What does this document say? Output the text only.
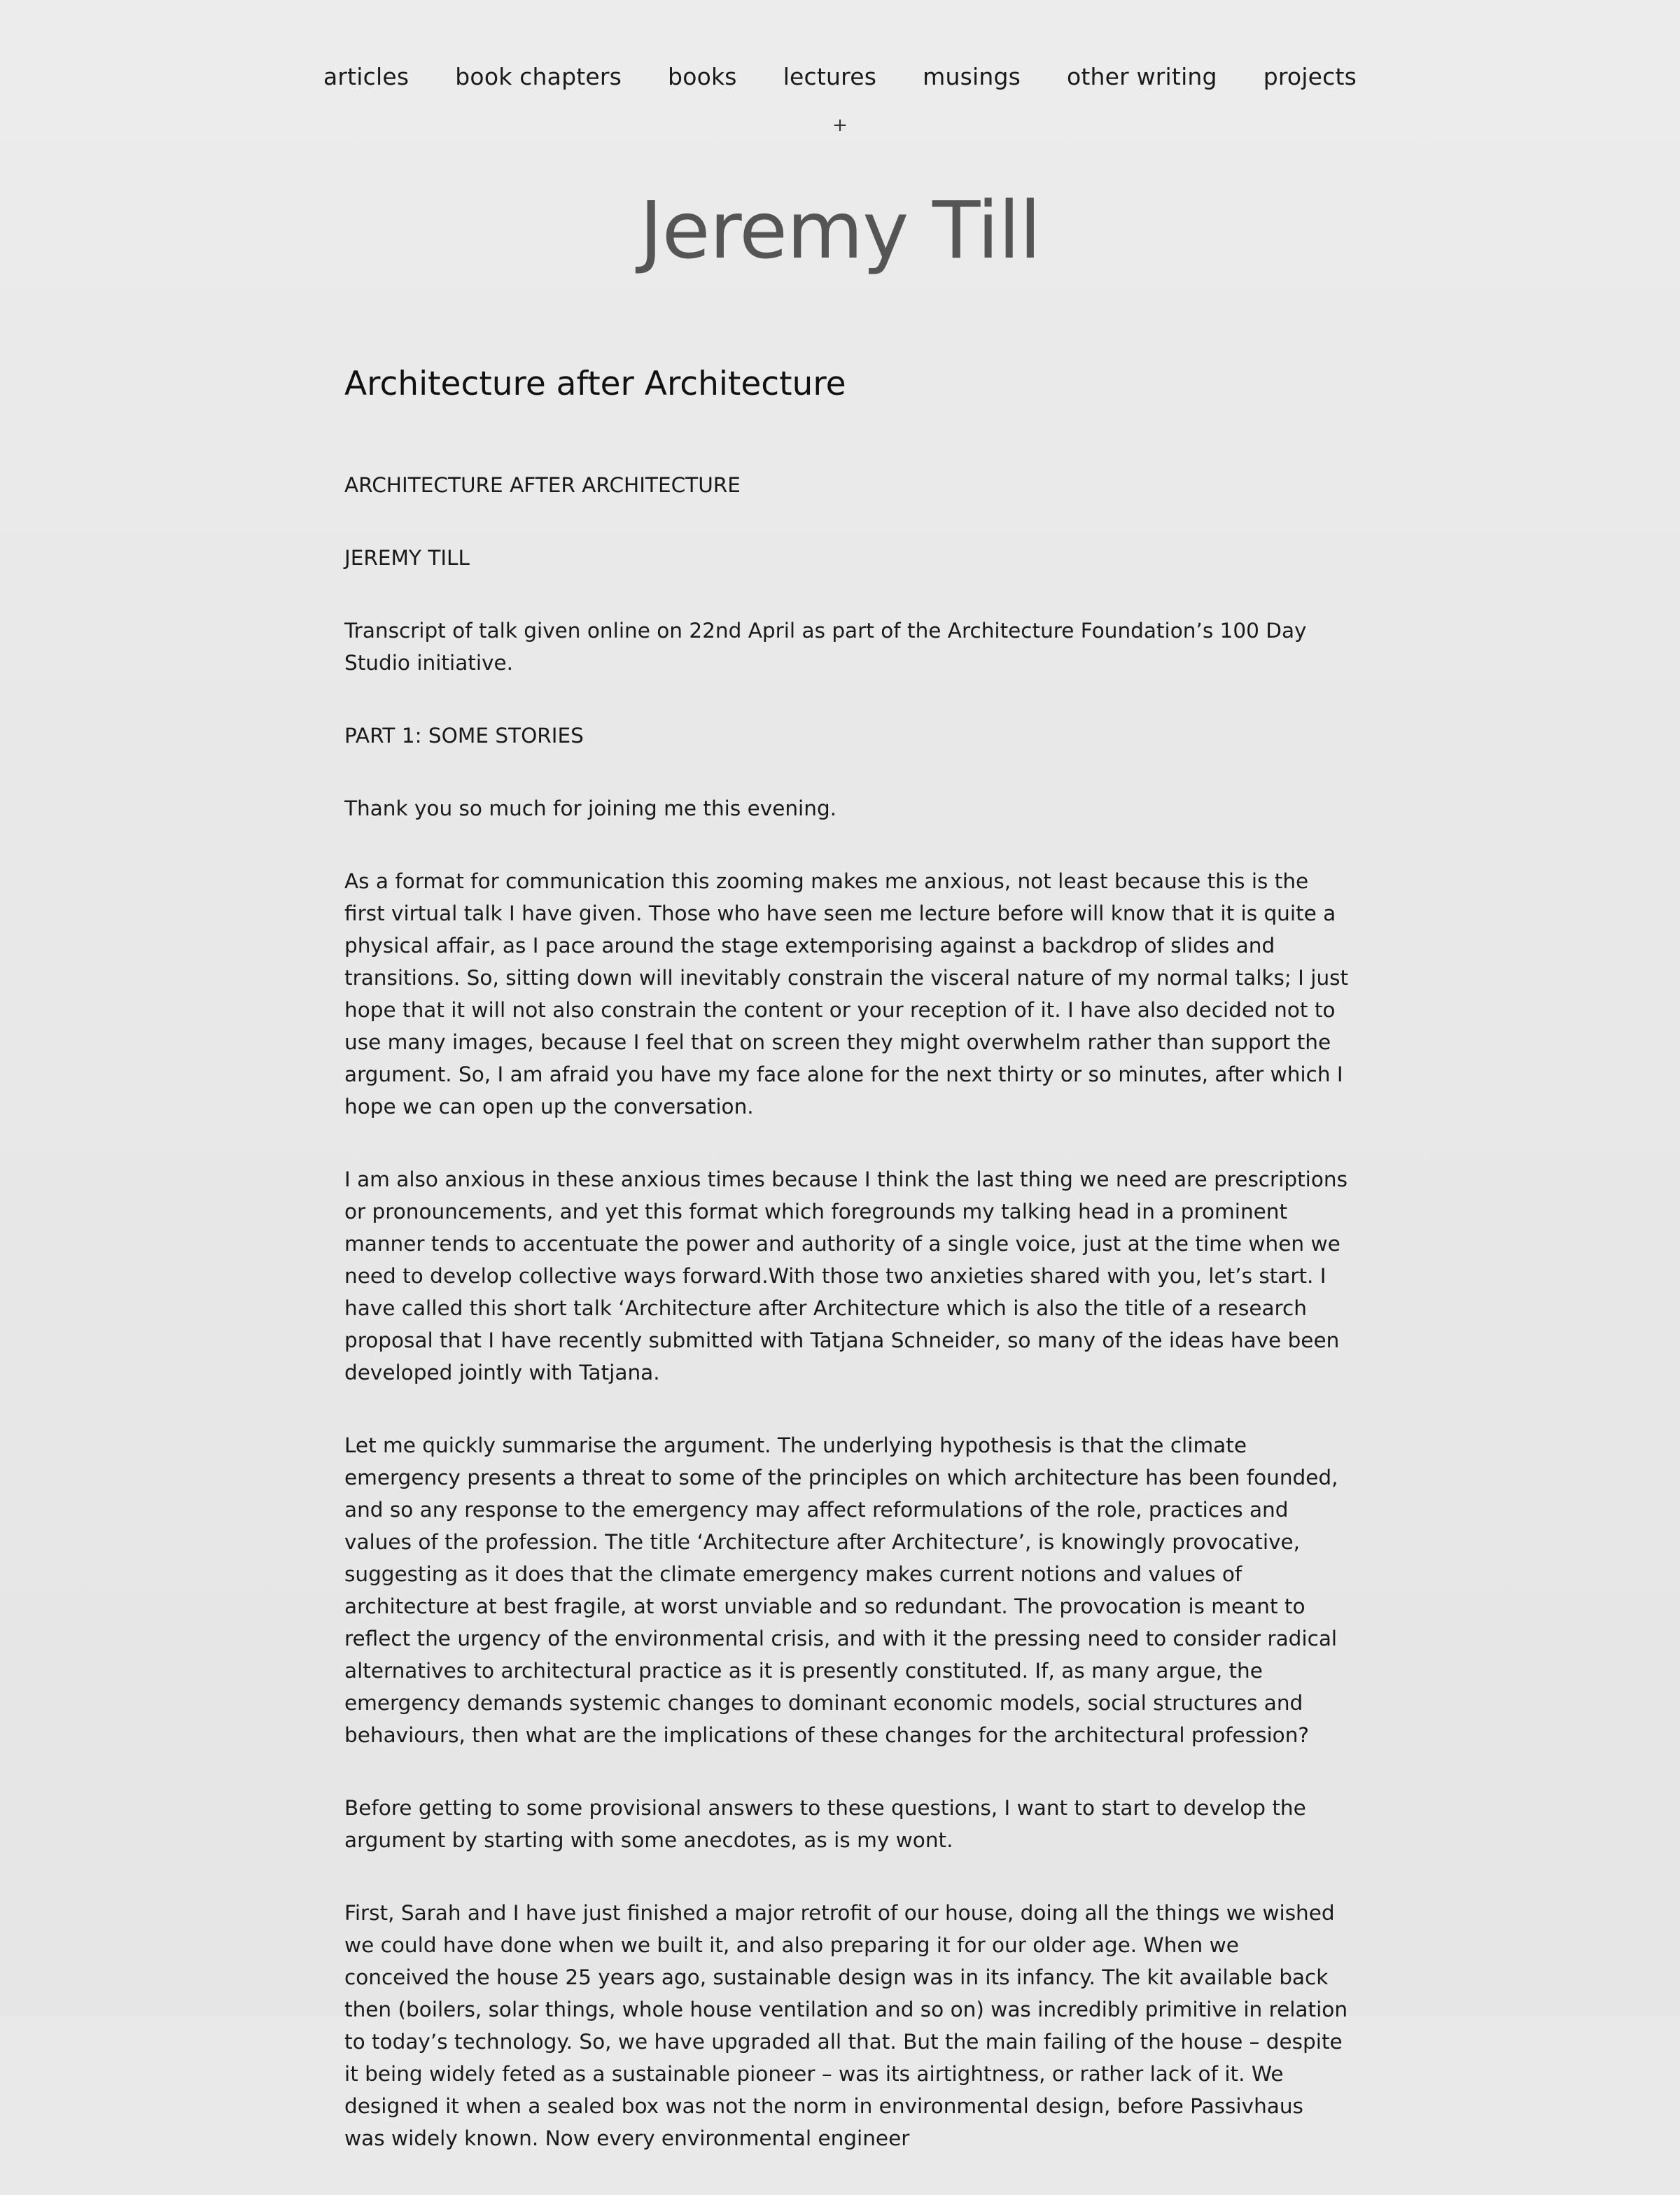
articles book chapters books lectures musings other writing projects
+
Jeremy Till
Architecture after Architecture

ARCHITECTURE AFTER ARCHITECTURE

JEREMY TILL

Transcript of talk given online on 22nd April as part of the Architecture Foundation’s 100 Day Studio initiative.

PART 1: SOME STORIES

Thank you so much for joining me this evening.

As a format for communication this zooming makes me anxious, not least because this is the first virtual talk I have given. Those who have seen me lecture before will know that it is quite a physical affair, as I pace around the stage extemporising against a backdrop of slides and transitions. So, sitting down will inevitably constrain the visceral nature of my normal talks; I just hope that it will not also constrain the content or your reception of it. I have also decided not to use many images, because I feel that on screen they might overwhelm rather than support the argument. So, I am afraid you have my face alone for the next thirty or so minutes, after which I hope we can open up the conversation.

I am also anxious in these anxious times because I think the last thing we need are prescriptions or pronouncements, and yet this format which foregrounds my talking head in a prominent manner tends to accentuate the power and authority of a single voice, just at the time when we need to develop collective ways forward.With those two anxieties shared with you, let’s start. I have called this short talk ‘Architecture after Architecture which is also the title of a research proposal that I have recently submitted with Tatjana Schneider, so many of the ideas have been developed jointly with Tatjana.

Let me quickly summarise the argument. The underlying hypothesis is that the climate emergency presents a threat to some of the principles on which architecture has been founded, and so any response to the emergency may affect reformulations of the role, practices and values of the profession. The title ‘Architecture after Architecture’, is knowingly provocative, suggesting as it does that the climate emergency makes current notions and values of architecture at best fragile, at worst unviable and so redundant. The provocation is meant to reflect the urgency of the environmental crisis, and with it the pressing need to consider radical alternatives to architectural practice as it is presently constituted. If, as many argue, the emergency demands systemic changes to dominant economic models, social structures and behaviours, then what are the implications of these changes for the architectural profession?

Before getting to some provisional answers to these questions, I want to start to develop the argument by starting with some anecdotes, as is my wont.

First, Sarah and I have just finished a major retrofit of our house, doing all the things we wished we could have done when we built it, and also preparing it for our older age. When we conceived the house 25 years ago, sustainable design was in its infancy. The kit available back then (boilers, solar things, whole house ventilation and so on) was incredibly primitive in relation to today’s technology. So, we have upgraded all that. But the main failing of the house – despite it being widely feted as a sustainable pioneer – was its airtightness, or rather lack of it. We designed it when a sealed box was not the norm in environmental design, before Passivhaus was widely known. Now every environmental engineer
